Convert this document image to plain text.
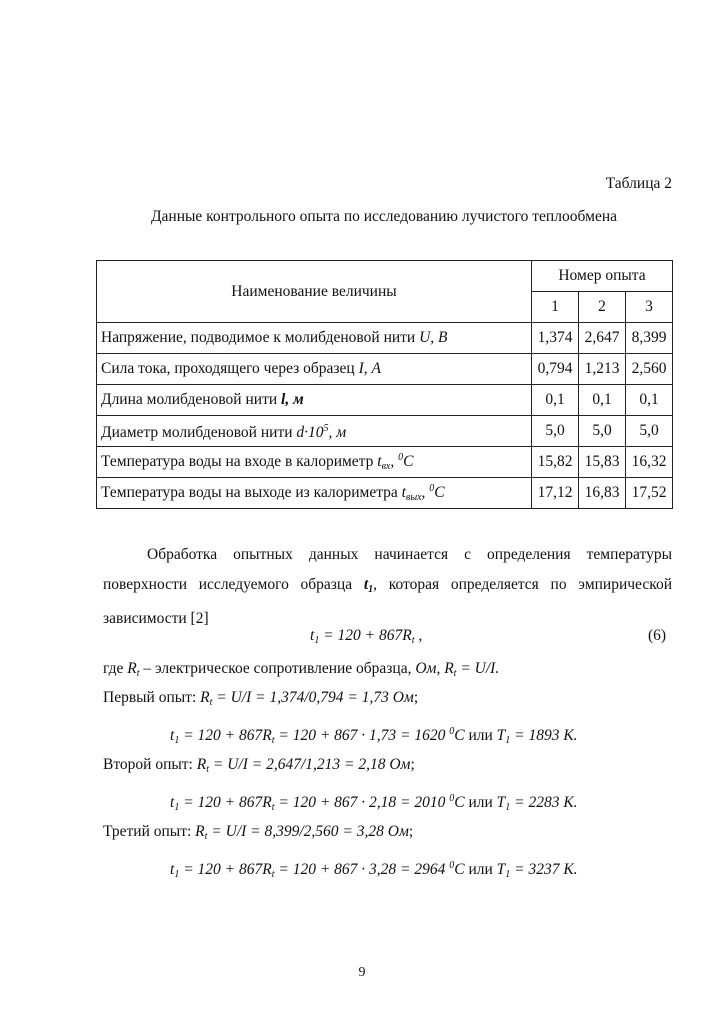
Таблица 2
Данные контрольного опыта по исследованию лучистого теплообмена
Наименование величины	Номер опыта		
	1	2	3
Напряжение, подводимое к молибденовой нити U, В	1,374	2,647	8,399
Сила тока, проходящего через образец I, А	0,794	1,213	2,560
Длина молибденовой нити l, м	0,1	0,1	0,1
Диаметр молибденовой нити $d\cdot 10^5$, м	5,0	5,0	5,0
Температура воды на входе в калориметр $t_{вх}$, $^0$С	15,82	15,83	16,32
Температура воды на выходе из калориметра $t_{вых}$, $^0$С	17,12	16,83	17,52
Обработка опытных данных начинается с определения температуры поверхности исследуемого образца $t_1$, которая определяется по эмпирической зависимости [2]
$t_1 = 120 + 867R_t$ ,	(6)
где $R_t$ – электрическое сопротивление образца, Ом, $R_t = U/I$.
Первый опыт: $R_t = U/I = 1,374/0,794 = 1,73$ Ом;
$t_1 = 120 + 867R_t = 120 + 867 \cdot 1,73 = 1620$ $^0$С или $T_1 = 1893$ К.
Второй опыт: $R_t = U/I = 2,647/1,213 = 2,18$ Ом;
$t_1 = 120 + 867R_t = 120 + 867 \cdot 2,18 = 2010$ $^0$С или $T_1 = 2283$ К.
Третий опыт: $R_t = U/I = 8,399/2,560 = 3,28$ Ом;
$t_1 = 120 + 867R_t = 120 + 867 \cdot 3,28 = 2964$ $^0$С или $T_1 = 3237$ К.
9
